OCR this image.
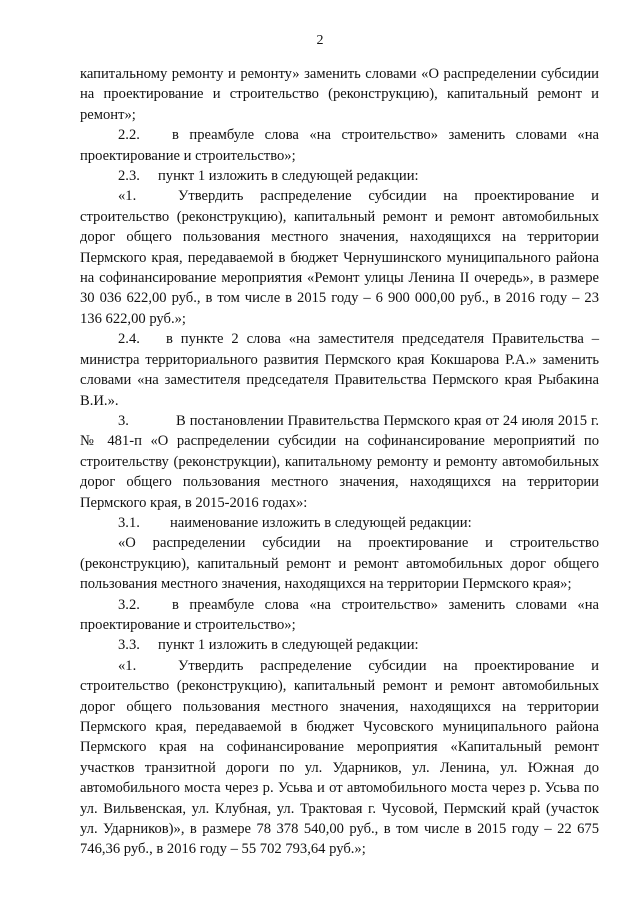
2

капитальному ремонту и ремонту» заменить словами «О распределении субсидии на проектирование и строительство (реконструкцию), капитальный ремонт и ремонт»;

2.2. в преамбуле слова «на строительство» заменить словами «на проектирование и строительство»;

2.3. пункт 1 изложить в следующей редакции:

«1.	Утвердить распределение субсидии на проектирование и строительство (реконструкцию), капитальный ремонт и ремонт автомобильных дорог общего пользования местного значения, находящихся на территории Пермского края, передаваемой в бюджет Чернушинского муниципального района на софинансирование мероприятия «Ремонт улицы Ленина II очередь», в размере 30 036 622,00 руб., в том числе в 2015 году – 6 900 000,00 руб., в 2016 году – 23 136 622,00 руб.»;

2.4. в пункте 2 слова «на заместителя председателя Правительства – министра территориального развития Пермского края Кокшарова Р.А.» заменить словами «на заместителя председателя Правительства Пермского края Рыбакина В.И.».

3.	В постановлении Правительства Пермского края от 24 июля 2015 г. № 481-п «О распределении субсидии на софинансирование мероприятий по строительству (реконструкции), капитальному ремонту и ремонту автомобильных дорог общего пользования местного значения, находящихся на территории Пермского края, в 2015-2016 годах»:

3.1. наименование изложить в следующей редакции:

«О распределении субсидии на проектирование и строительство (реконструкцию), капитальный ремонт и ремонт автомобильных дорог общего пользования местного значения, находящихся на территории Пермского края»;

3.2. в преамбуле слова «на строительство» заменить словами «на проектирование и строительство»;

3.3. пункт 1 изложить в следующей редакции:

«1.	Утвердить распределение субсидии на проектирование и строительство (реконструкцию), капитальный ремонт и ремонт автомобильных дорог общего пользования местного значения, находящихся на территории Пермского края, передаваемой в бюджет Чусовского муниципального района Пермского края на софинансирование мероприятия «Капитальный ремонт участков транзитной дороги по ул. Ударников, ул. Ленина, ул. Южная до автомобильного моста через р. Усьва и от автомобильного моста через р. Усьва по ул. Вильвенская, ул. Клубная, ул. Трактовая г. Чусовой, Пермский край (участок ул. Ударников)», в размере 78 378 540,00 руб., в том числе в 2015 году – 22 675 746,36 руб., в 2016 году – 55 702 793,64 руб.»;
